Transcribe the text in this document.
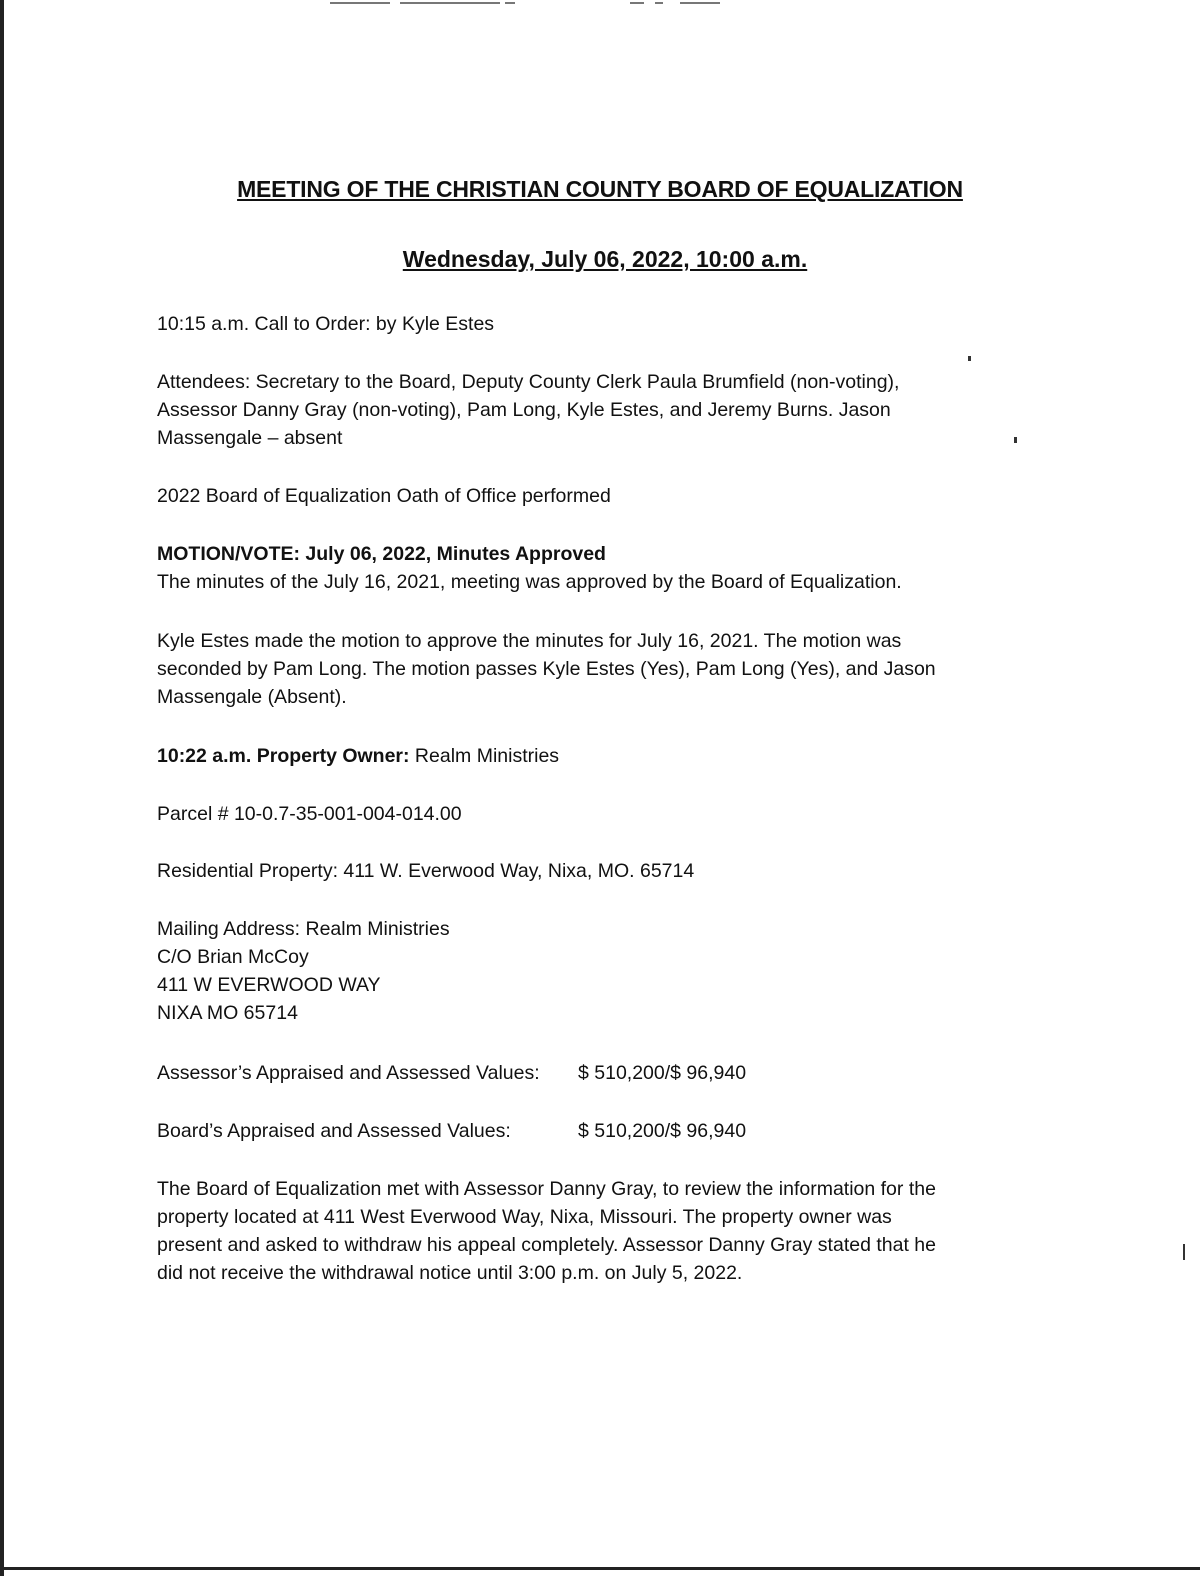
MEETING OF THE CHRISTIAN COUNTY BOARD OF EQUALIZATION
Wednesday, July 06, 2022, 10:00 a.m.

10:15 a.m. Call to Order: by Kyle Estes

Attendees: Secretary to the Board, Deputy County Clerk Paula Brumfield (non-voting),
Assessor Danny Gray (non-voting), Pam Long, Kyle Estes, and Jeremy Burns. Jason
Massengale – absent

2022 Board of Equalization Oath of Office performed

MOTION/VOTE: July 06, 2022, Minutes Approved
The minutes of the July 16, 2021, meeting was approved by the Board of Equalization.

Kyle Estes made the motion to approve the minutes for July 16, 2021. The motion was
seconded by Pam Long. The motion passes Kyle Estes (Yes), Pam Long (Yes), and Jason
Massengale (Absent).

10:22 a.m. Property Owner: Realm Ministries

Parcel # 10-0.7-35-001-004-014.00

Residential Property: 411 W. Everwood Way, Nixa, MO. 65714

Mailing Address: Realm Ministries
C/O Brian McCoy
411 W EVERWOOD WAY
NIXA MO 65714

Assessor’s Appraised and Assessed Values: $ 510,200/$ 96,940

Board’s Appraised and Assessed Values:	$ 510,200/$ 96,940

The Board of Equalization met with Assessor Danny Gray, to review the information for the
property located at 411 West Everwood Way, Nixa, Missouri. The property owner was
present and asked to withdraw his appeal completely. Assessor Danny Gray stated that he
did not receive the withdrawal notice until 3:00 p.m. on July 5, 2022.
